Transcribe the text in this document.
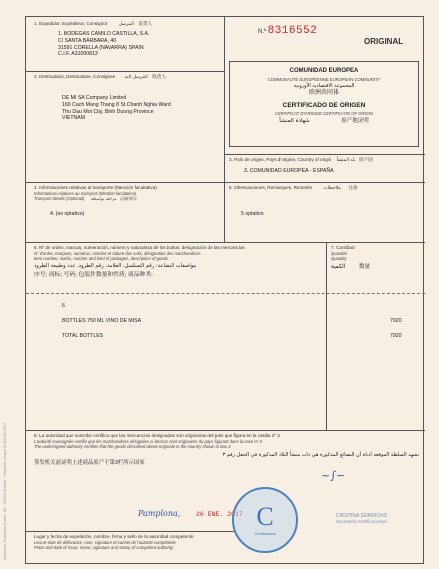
Imprenta: Españas Gante, 38 · 28034 Madrid · Depósito Legal M-40016-2007
1. Expedidor, Expéditeur, Consignor المرسل 发货人
1. BODEGAS CAMILO CASTILLA, S.A.
C/ SANTA BÁRBARA, 40
31591 CORELLA (NAVARRA) SPAIN
C.I.F. A31000813
N.º 8316552
ORIGINAL
2. Destinatario, Destinataire, Consignee المرسل اليه 收货人
DE MI SA Company Limited
169 Cach Mang Thang 8 St.Chanh Nghia Ward
Thu Dau Mot City, Binh Duong Province
VIETNAM
COMUNIDAD EUROPEA
COMMUNAUTÉ EUROPÉENNE EUROPEAN COMMUNITY
المجموعة الاقتصادية الأوروبية
欧洲共同体
CERTIFICADO DE ORIGEN
CERTIFICAT D'ORIGINE CERTIFICATE OF ORIGIN
شهادة المنشأ	原产地证明
3. País de origen, Pays d'origine, Country of origin بلد المنشأ 原产国
3. COMUNIDAD EUROPEA - ESPAÑA
4. Informaciones relativas al transporte (Mención facultativa)
Informations relatives au transport (Mention facultative)
Transport details (Optional) مرحلة بواسطة 运输情况
4. (es optativo)
5. Observaciones, Remarques, Remarks ملاحظات 注备
5 optativo
6. Nº de orden, marcas, numeración, número y naturaleza de los bultos, designación de las mercancías
N° d'ordre, marques, numéros, nombre et nature des colis, désignation des marchandises
Item number, marks, number and kind of packages, description of goods
مواصفات البضاعة: رقم التسلسل، العلامة، رقم الطرود، عدد وطبيعة الطرود
序号; 商标; 号码; 包装件数量和性质; 商品种类:
7. Cantidad
Quantité
Quantity
الكمية 数量
6
BOTTLES 750 ML VINO DE MISA	7920
TOTAL BOTTLES	7920
8. La autoridad que suscribe certifica que las mercancías designadas son originarias del país que figura en la casilla nº 3
L'autorité soussignée certifie que les marchandises désignées ci-dessus sont originaires du pays figurant dans la case nº 3
The undersigned authority certifies that the goods described above originate in the country shown in box 3
تشهد السلطة الموقعة أدناه أن البضائع المذكورة هي ذات منشأ البلاد المذكورة في الحقل رقم ٣
签发机关兹证明上述商品原产于第3栏所示国家
Pamplona, 26 ENE. 2017 C
Certificados
~∫∽
CRISTINA SORRICHO
Secretaria Certificaciones
Lugar y fecha de expedición, nombre, firma y sello de la autoridad competente
Lieu et date de délivrance, nom, signature et cachet de l'autorité compétente
Place and date of issue, name, signature and stamp of competent authority
